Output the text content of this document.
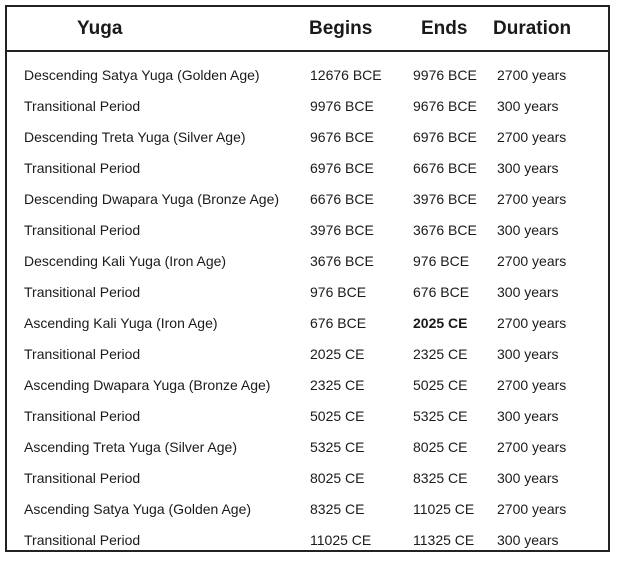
Yuga	Begins	Ends Duration
Descending Satya Yuga (Golden Age)	12676 BCE 9976 BCE 2700 years
Transitional Period	9976 BCE	9676 BCE 300 years
Descending Treta Yuga (Silver Age)	9676 BCE	6976 BCE 2700 years
Transitional Period	6976 BCE	6676 BCE 300 years
Descending Dwapara Yuga (Bronze Age) 6676 BCE	3976 BCE 2700 years
Transitional Period	3976 BCE	3676 BCE 300 years
Descending Kali Yuga (Iron Age)	3676 BCE	976 BCE 2700 years
Transitional Period	976 BCE	676 BCE 300 years
Ascending Kali Yuga (Iron Age)	676 BCE	2025 CE 2700 years
Transitional Period	2025 CE	2325 CE 300 years
Ascending Dwapara Yuga (Bronze Age)	2325 CE	5025 CE 2700 years
Transitional Period	5025 CE	5325 CE 300 years
Ascending Treta Yuga (Silver Age)	5325 CE	8025 CE 2700 years
Transitional Period	8025 CE	8325 CE 300 years
Ascending Satya Yuga (Golden Age)	8325 CE	11025 CE 2700 years
Transitional Period	11025 CE	11325 CE 300 years
